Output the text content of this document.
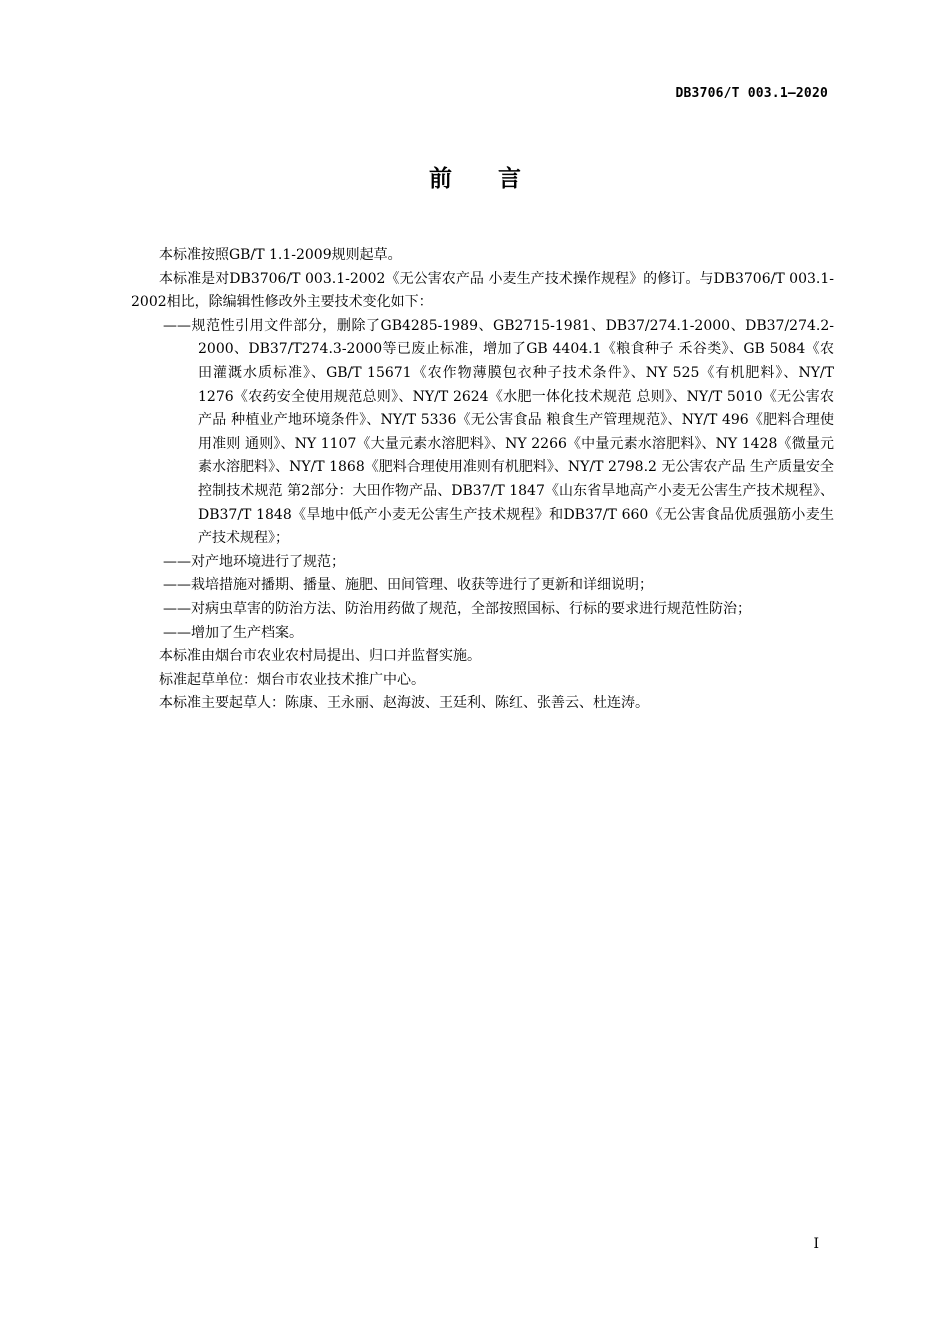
DB3706/T 003.1—2020
前言

本标准按照GB/T 1.1-2009规则起草。

本标准是对DB3706/T 003.1-2002《无公害农产品 小麦生产技术操作规程》的修订。与DB3706/T 003.1-2002相比，除编辑性修改外主要技术变化如下：

——规范性引用文件部分，删除了GB4285-1989、GB2715-1981、DB37/274.1-2000、DB37/274.2-2000、DB37/T274.3-2000等已废止标准，增加了GB 4404.1《粮食种子 禾谷类》、GB 5084《农田灌溉水质标准》、GB/T 15671《农作物薄膜包衣种子技术条件》、NY 525《有机肥料》、NY/T 1276《农药安全使用规范总则》、NY/T 2624《水肥一体化技术规范 总则》、NY/T 5010《无公害农产品 种植业产地环境条件》、NY/T 5336《无公害食品 粮食生产管理规范》、NY/T 496《肥料合理使用准则 通则》、NY 1107《大量元素水溶肥料》、NY 2266《中量元素水溶肥料》、NY 1428《微量元素水溶肥料》、NY/T 1868《肥料合理使用准则有机肥料》、NY/T 2798.2 无公害农产品 生产质量安全控制技术规范 第2部分：大田作物产品、DB37/T 1847《山东省旱地高产小麦无公害生产技术规程》、DB37/T 1848《旱地中低产小麦无公害生产技术规程》和DB37/T 660《无公害食品优质强筋小麦生产技术规程》；

——对产地环境进行了规范；

——栽培措施对播期、播量、施肥、田间管理、收获等进行了更新和详细说明；

——对病虫草害的防治方法、防治用药做了规范，全部按照国标、行标的要求进行规范性防治；

——增加了生产档案。

本标准由烟台市农业农村局提出、归口并监督实施。

标准起草单位：烟台市农业技术推广中心。

本标准主要起草人：陈康、王永丽、赵海波、王廷利、陈红、张善云、杜连涛。

I
